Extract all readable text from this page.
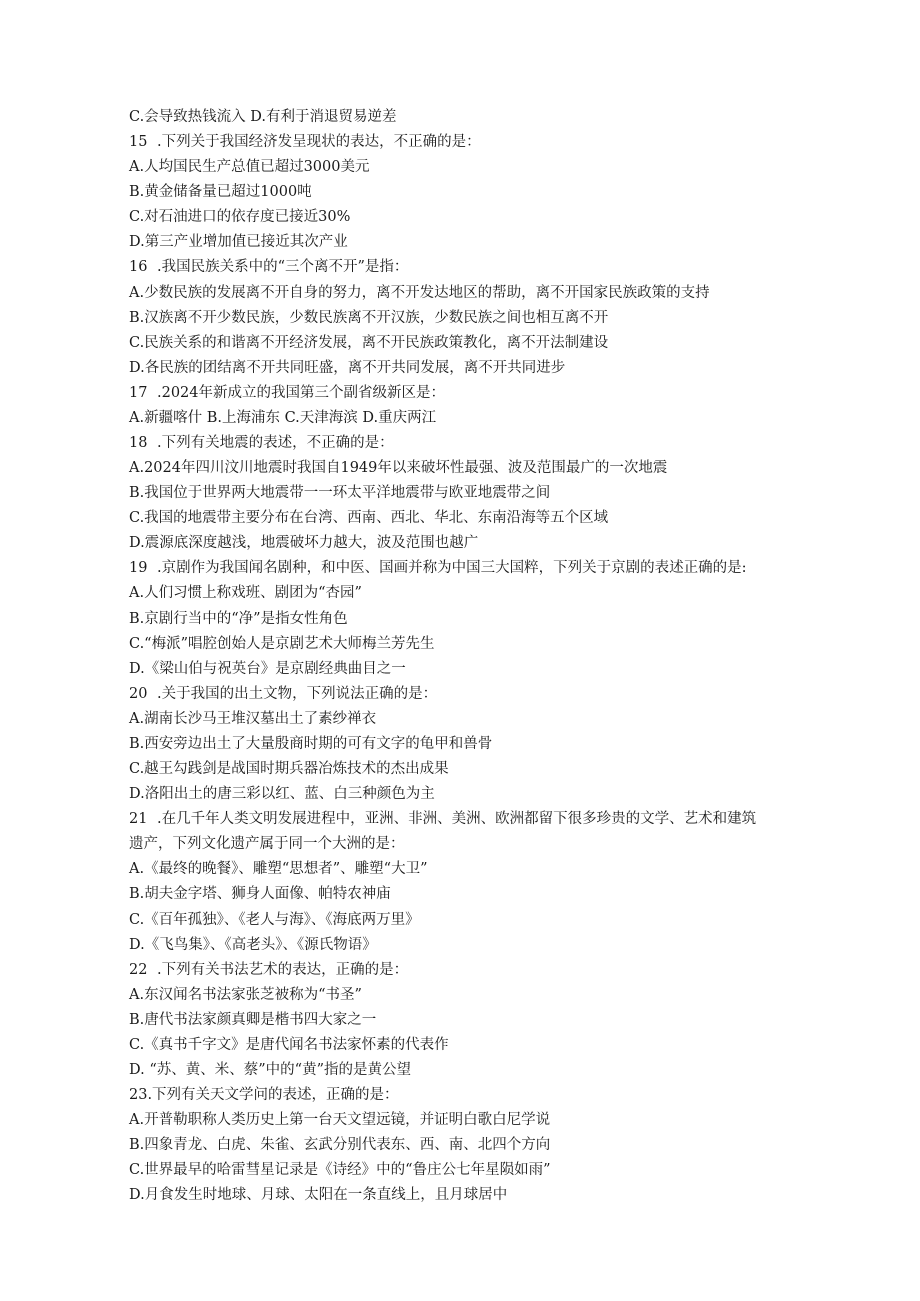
C.会导致热钱流入 D.有利于消退贸易逆差
15 .下列关于我国经济发呈现状的表达，不正确的是：
A.人均国民生产总值已超过3000美元
B.黄金储备量已超过1000吨
C.对石油进口的依存度已接近30%
D.第三产业增加值已接近其次产业
16 .我国民族关系中的“三个离不开”是指：
A.少数民族的发展离不开自身的努力，离不开发达地区的帮助，离不开国家民族政策的支持
B.汉族离不开少数民族，少数民族离不开汉族，少数民族之间也相互离不开
C.民族关系的和谐离不开经济发展，离不开民族政策教化，离不开法制建设
D.各民族的团结离不开共同旺盛，离不开共同发展，离不开共同进步
17 .2024年新成立的我国第三个副省级新区是：
A.新疆喀什 B.上海浦东 C.天津海滨 D.重庆两江
18 .下列有关地震的表述，不正确的是：
A.2024年四川汶川地震时我国自1949年以来破坏性最强、波及范围最广的一次地震
B.我国位于世界两大地震带一一环太平洋地震带与欧亚地震带之间
C.我国的地震带主要分布在台湾、西南、西北、华北、东南沿海等五个区域
D.震源底深度越浅，地震破坏力越大，波及范围也越广
19 .京剧作为我国闻名剧种，和中医、国画并称为中国三大国粹，下列关于京剧的表述正确的是:
A.人们习惯上称戏班、剧团为“杏园”
B.京剧行当中的“净”是指女性角色
C.“梅派”唱腔创始人是京剧艺术大师梅兰芳先生
D.《梁山伯与祝英台》是京剧经典曲目之一
20 .关于我国的出土文物，下列说法正确的是：
A.湖南长沙马王堆汉墓出土了素纱禅衣
B.西安旁边出土了大量殷商时期的可有文字的龟甲和兽骨
C.越王勾践剑是战国时期兵器冶炼技术的杰出成果
D.洛阳出土的唐三彩以红、蓝、白三种颜色为主
21 .在几千年人类文明发展进程中，亚洲、非洲、美洲、欧洲都留下很多珍贵的文学、艺术和建筑
遗产，下列文化遗产属于同一个大洲的是：
A.《最终的晚餐》、雕塑“思想者”、雕塑“大卫”
B.胡夫金字塔、狮身人面像、帕特农神庙
C.《百年孤独》、《老人与海》、《海底两万里》
D.《飞鸟集》、《高老头》、《源氏物语》
22 .下列有关书法艺术的表达，正确的是：
A.东汉闻名书法家张芝被称为“书圣”
B.唐代书法家颜真卿是楷书四大家之一
C.《真书千字文》是唐代闻名书法家怀素的代表作
D. “苏、黄、米、蔡”中的“黄”指的是黄公望
23.下列有关天文学问的表述，正确的是：
A.开普勒职称人类历史上第一台天文望远镜，并证明白歌白尼学说
B.四象青龙、白虎、朱雀、玄武分别代表东、西、南、北四个方向
C.世界最早的哈雷彗星记录是《诗经》中的“鲁庄公七年星陨如雨”
D.月食发生时地球、月球、太阳在一条直线上，且月球居中
